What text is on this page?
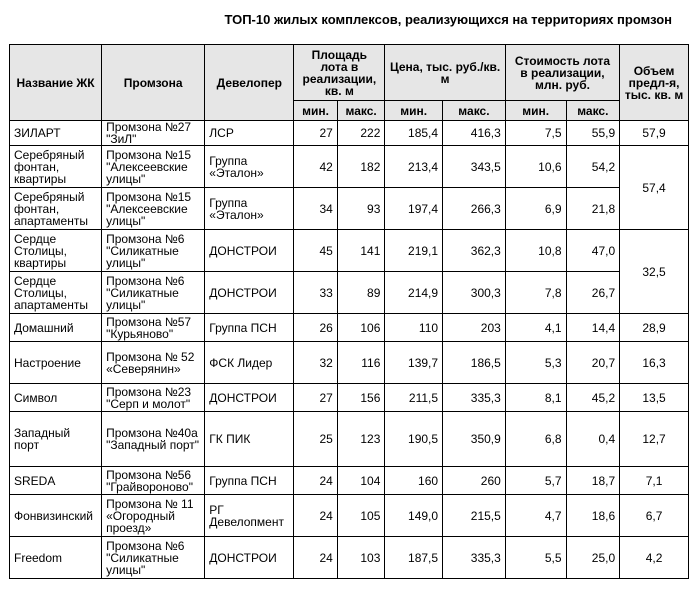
ТОП-10 жилых комплексов, реализующихся на территориях промзон
Название ЖК	Промзона	Девелопер	Площадь лота в реализации, кв. м		Цена, тыс. руб./кв. м		Стоимость лота в реализации, млн. руб.		Объем предл-я, тыс. кв. м
			мин.	макс.	мин.	макс.	мин.	макс.	
ЗИЛАРТ	Промзона №27 "ЗиЛ"	ЛСР	27	222	185,4	416,3	7,5	55,9	57,9
Серебряный фонтан, квартиры	Промзона №15 "Алексеевские улицы"	Группа «Эталон»	42	182	213,4	343,5	10,6	54,2	57,4
Серебряный фонтан, апартаменты	Промзона №15 "Алексеевские улицы"	Группа «Эталон»	34	93	197,4	266,3	6,9	21,8	
Сердце Столицы, квартиры	Промзона №6 "Силикатные улицы"	ДОНСТРОИ	45	141	219,1	362,3	10,8	47,0	32,5
Сердце Столицы, апартаменты	Промзона №6 "Силикатные улицы"	ДОНСТРОИ	33	89	214,9	300,3	7,8	26,7	
Домашний	Промзона №57 "Курьяново"	Группа ПСН	26	106	110	203	4,1	14,4	28,9
Настроение	Промзона № 52 «Северянин»	ФСК Лидер	32	116	139,7	186,5	5,3	20,7	16,3
Символ	Промзона №23 "Серп и молот"	ДОНСТРОИ	27	156	211,5	335,3	8,1	45,2	13,5
Западный порт	Промзона №40а "Западный порт"	ГК ПИК	25	123	190,5	350,9	6,8	0,4	12,7
SREDA	Промзона №56 "Грайвороново"	Группа ПСН	24	104	160	260	5,7	18,7	7,1
Фонвизинский	Промзона № 11 «Огородный проезд»	РГ Девелопмент	24	105	149,0	215,5	4,7	18,6	6,7
Freedom	Промзона №6 "Силикатные улицы"	ДОНСТРОИ	24	103	187,5	335,3	5,5	25,0	4,2
